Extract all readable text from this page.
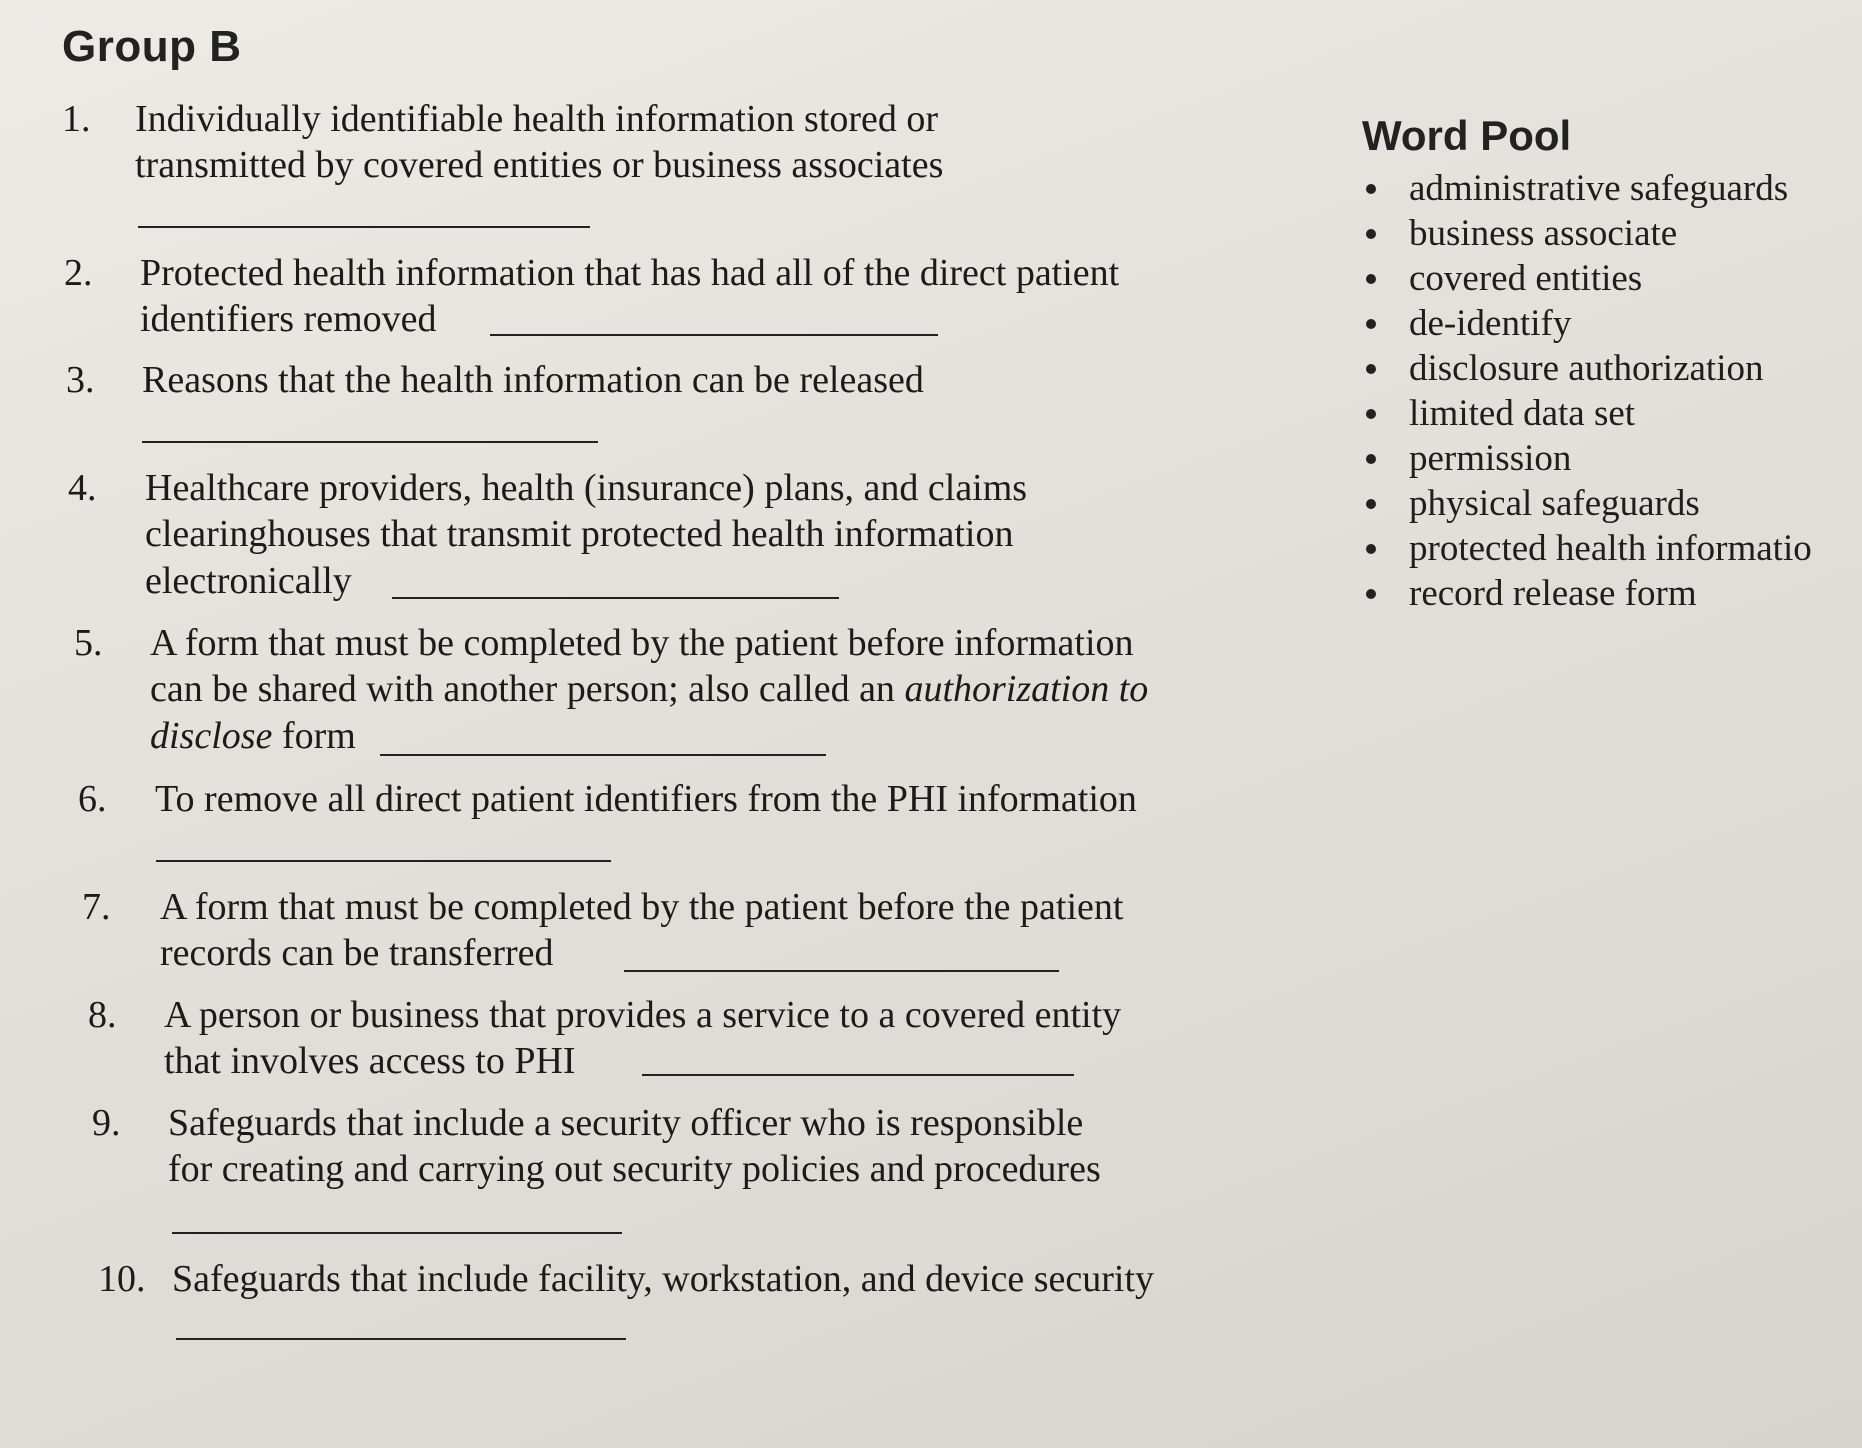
Group B
1.	Individually identifiable health information stored or
transmitted by covered entities or business associates
2.	Protected health information that has had all of the direct patient
identifiers removed
3.	Reasons that the health information can be released
4.	Healthcare providers, health (insurance) plans, and claims
clearinghouses that transmit protected health information
electronically
5.	A form that must be completed by the patient before information
can be shared with another person; also called an authorization to
disclose form
6.	To remove all direct patient identifiers from the PHI information
7.	A form that must be completed by the patient before the patient
records can be transferred
8.	A person or business that provides a service to a covered entity
that involves access to PHI
9.	Safeguards that include a security officer who is responsible
for creating and carrying out security policies and procedures
10. Safeguards that include facility, workstation, and device security
Word Pool
administrative safeguards
business associate
covered entities
de-identify
disclosure authorization
limited data set
permission
physical safeguards
protected health informatio
record release form
